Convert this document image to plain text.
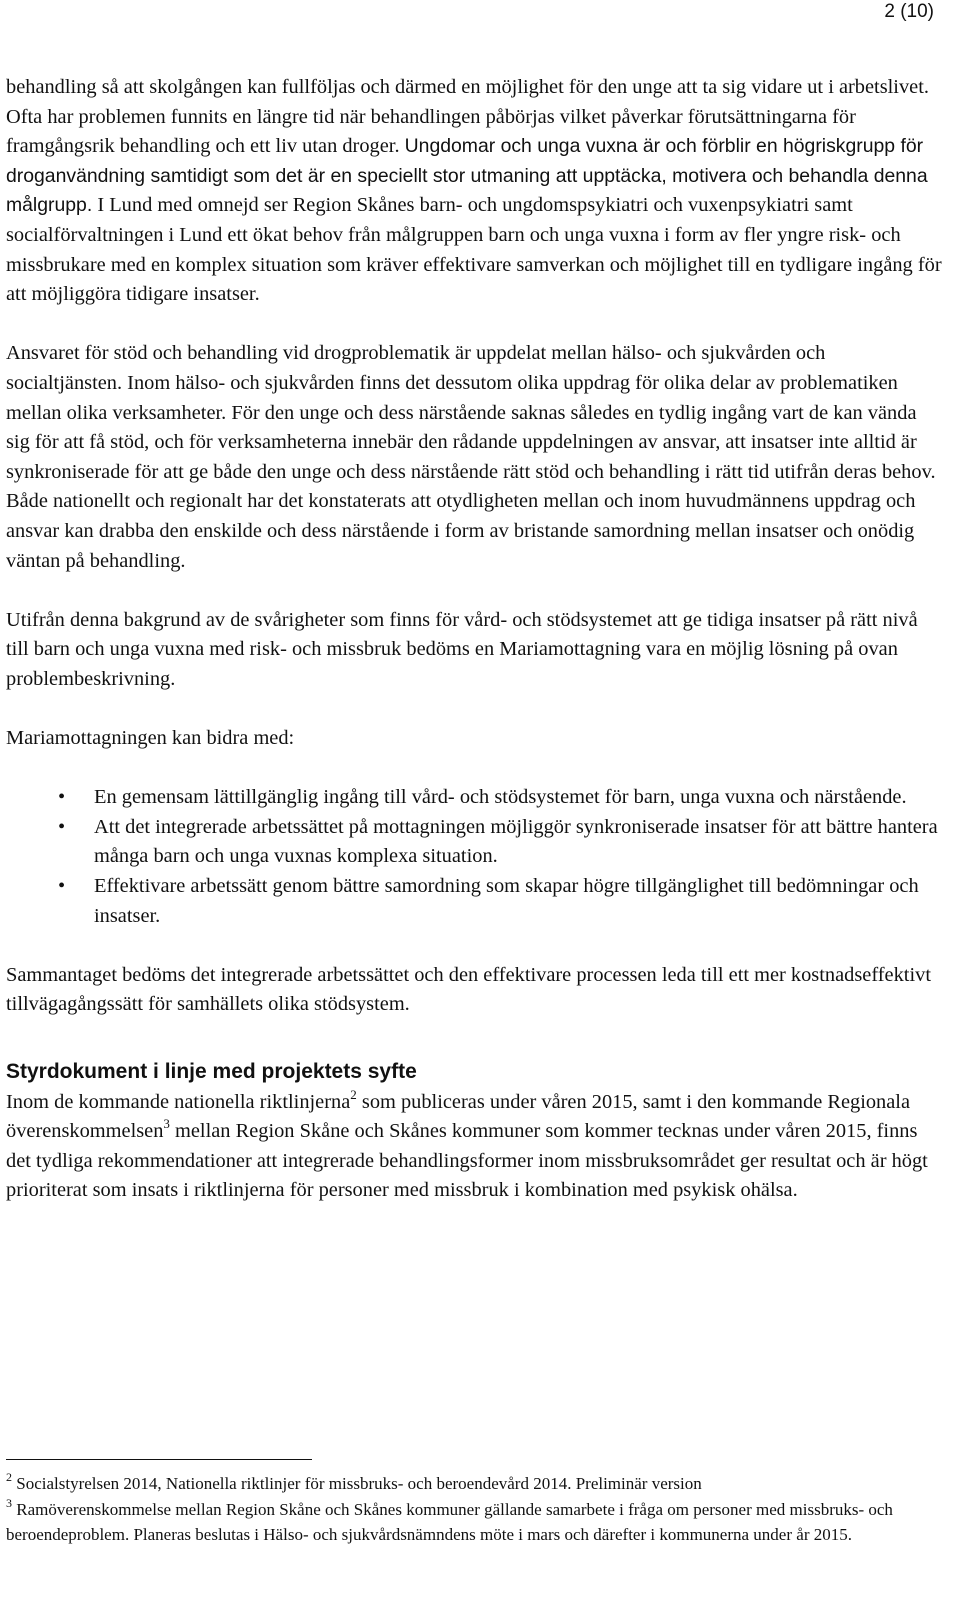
2 (10)

behandling så att skolgången kan fullföljas och därmed en möjlighet för den unge att ta sig vidare ut i arbetslivet. Ofta har problemen funnits en längre tid när behandlingen påbörjas vilket påverkar förutsättningarna för framgångsrik behandling och ett liv utan droger. Ungdomar och unga vuxna är och förblir en högriskgrupp för droganvändning samtidigt som det är en speciellt stor utmaning att upptäcka, motivera och behandla denna målgrupp. I Lund med omnejd ser Region Skånes barn- och ungdomspsykiatri och vuxenpsykiatri samt socialförvaltningen i Lund ett ökat behov från målgruppen barn och unga vuxna i form av fler yngre risk- och missbrukare med en komplex situation som kräver effektivare samverkan och möjlighet till en tydligare ingång för att möjliggöra tidigare insatser.

Ansvaret för stöd och behandling vid drogproblematik är uppdelat mellan hälso- och sjukvården och socialtjänsten. Inom hälso- och sjukvården finns det dessutom olika uppdrag för olika delar av problematiken mellan olika verksamheter. För den unge och dess närstående saknas således en tydlig ingång vart de kan vända sig för att få stöd, och för verksamheterna innebär den rådande uppdelningen av ansvar, att insatser inte alltid är synkroniserade för att ge både den unge och dess närstående rätt stöd och behandling i rätt tid utifrån deras behov. Både nationellt och regionalt har det konstaterats att otydligheten mellan och inom huvudmännens uppdrag och ansvar kan drabba den enskilde och dess närstående i form av bristande samordning mellan insatser och onödig väntan på behandling.

Utifrån denna bakgrund av de svårigheter som finns för vård- och stödsystemet att ge tidiga insatser på rätt nivå till barn och unga vuxna med risk- och missbruk bedöms en Mariamottagning vara en möjlig lösning på ovan problembeskrivning.

Mariamottagningen kan bidra med:

• En gemensam lättillgänglig ingång till vård- och stödsystemet för barn, unga vuxna och närstående.
• Att det integrerade arbetssättet på mottagningen möjliggör synkroniserade insatser för att bättre hantera många barn och unga vuxnas komplexa situation.
• Effektivare arbetssätt genom bättre samordning som skapar högre tillgänglighet till bedömningar och insatser.

Sammantaget bedöms det integrerade arbetssättet och den effektivare processen leda till ett mer kostnadseffektivt tillvägagångssätt för samhällets olika stödsystem.

Styrdokument i linje med projektets syfte

Inom de kommande nationella riktlinjerna$^2$ som publiceras under våren 2015, samt i den kommande Regionala överenskommelsen$^3$ mellan Region Skåne och Skånes kommuner som kommer tecknas under våren 2015, finns det tydliga rekommendationer att integrerade behandlingsformer inom missbruksområdet ger resultat och är högt prioriterat som insats i riktlinjerna för personer med missbruk i kombination med psykisk ohälsa.

$^2$ Socialstyrelsen 2014, Nationella riktlinjer för missbruks- och beroendevård 2014. Preliminär version

$^3$ Ramöverenskommelse mellan Region Skåne och Skånes kommuner gällande samarbete i fråga om personer med missbruks- och beroendeproblem. Planeras beslutas i Hälso- och sjukvårdsnämndens möte i mars och därefter i kommunerna under år 2015.
